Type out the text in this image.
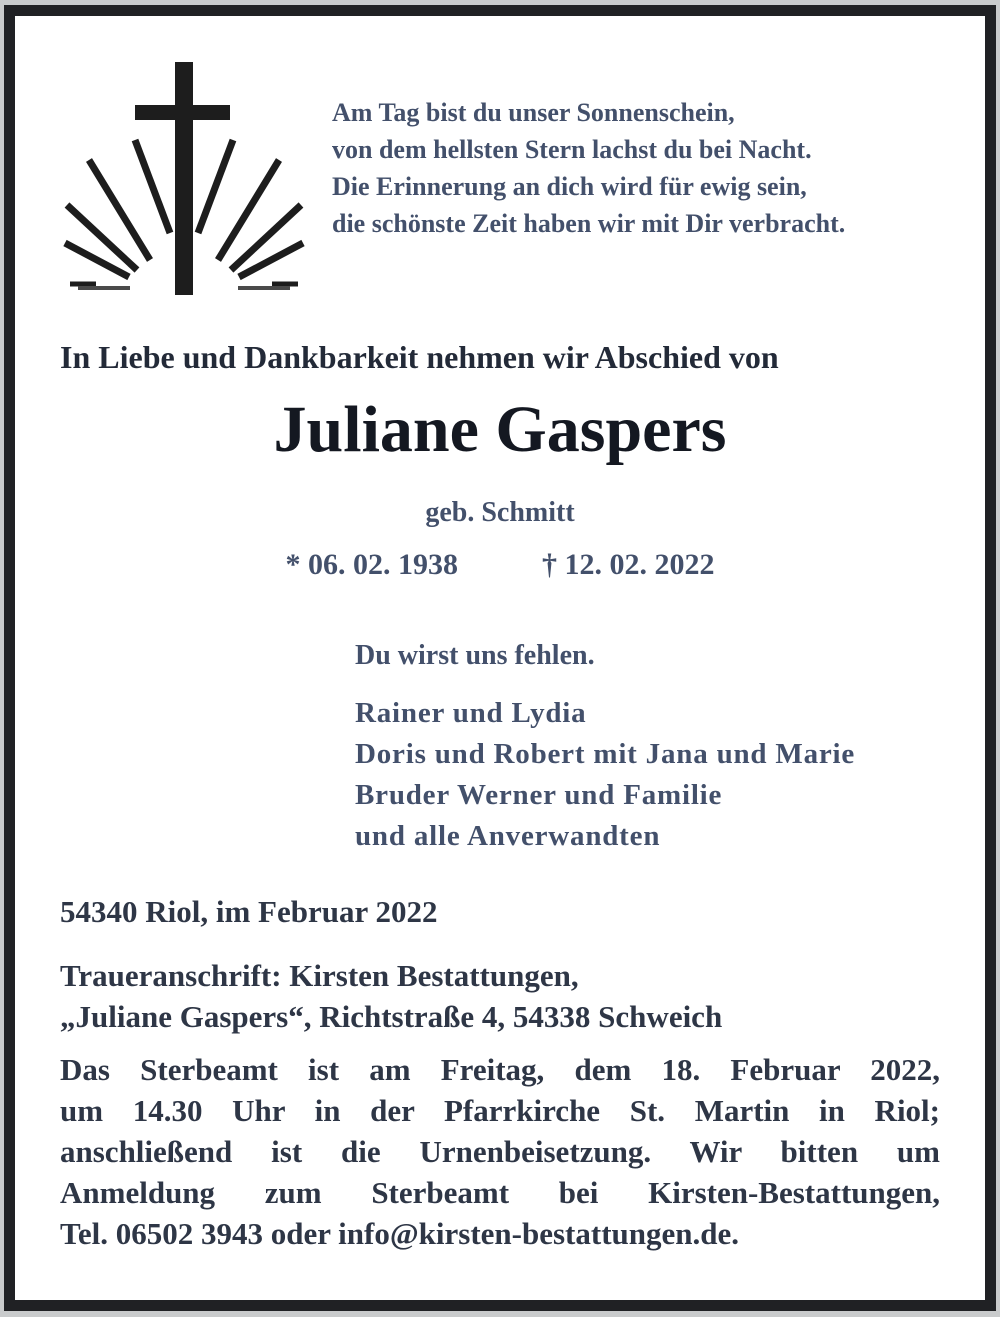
Am Tag bist du unser Sonnenschein,
von dem hellsten Stern lachst du bei Nacht.
Die Erinnerung an dich wird für ewig sein,
die schönste Zeit haben wir mit Dir verbracht.
In Liebe und Dankbarkeit nehmen wir Abschied von
Juliane Gaspers
geb. Schmitt
* 06. 02. 1938	† 12. 02. 2022
Du wirst uns fehlen.
Rainer und Lydia
Doris und Robert mit Jana und Marie
Bruder Werner und Familie
und alle Anverwandten
54340 Riol, im Februar 2022
Traueranschrift: Kirsten Bestattungen,
„Juliane Gaspers“, Richtstraße 4, 54338 Schweich
Das Sterbeamt ist am Freitag, dem 18. Februar 2022,
um 14.30 Uhr in der Pfarrkirche St. Martin in Riol;
anschließend ist die Urnenbeisetzung. Wir bitten um
Anmeldung zum Sterbeamt bei Kirsten-Bestattungen,
Tel. 06502 3943 oder info@kirsten-bestattungen.de.
